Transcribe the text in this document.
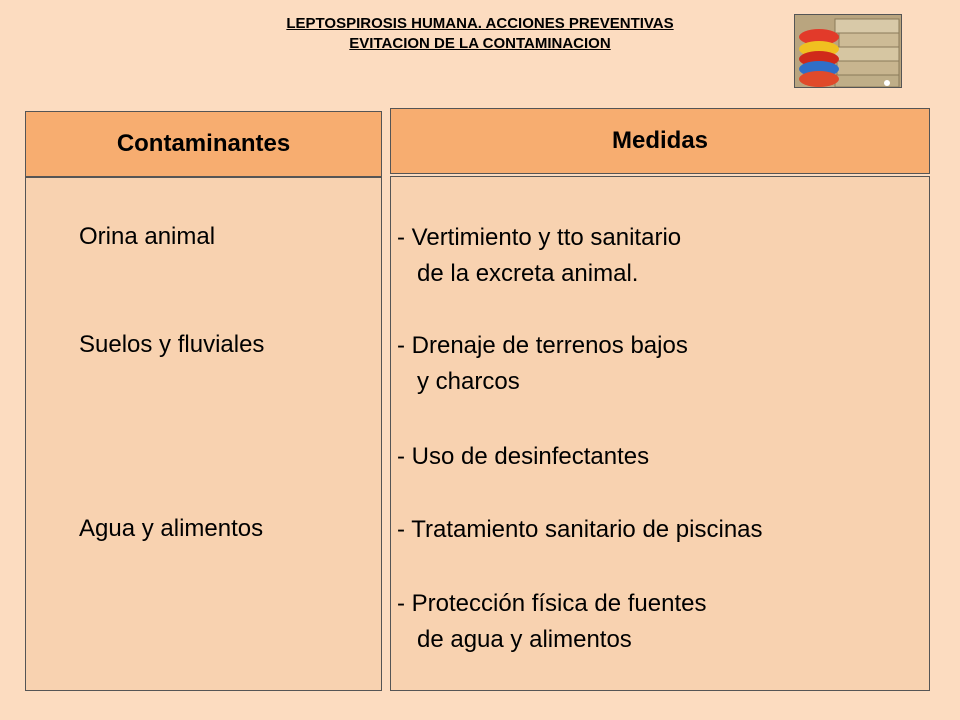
LEPTOSPIROSIS HUMANA. ACCIONES PREVENTIVAS
EVITACION DE LA CONTAMINACION
Contaminantes	Medidas
Orina animal
Suelos y fluviales
Agua y alimentos
- Vertimiento y tto sanitario
de la excreta animal.
- Drenaje de terrenos bajos
y charcos
- Uso de desinfectantes
- Tratamiento sanitario de piscinas
- Protección física de fuentes
de agua y alimentos
